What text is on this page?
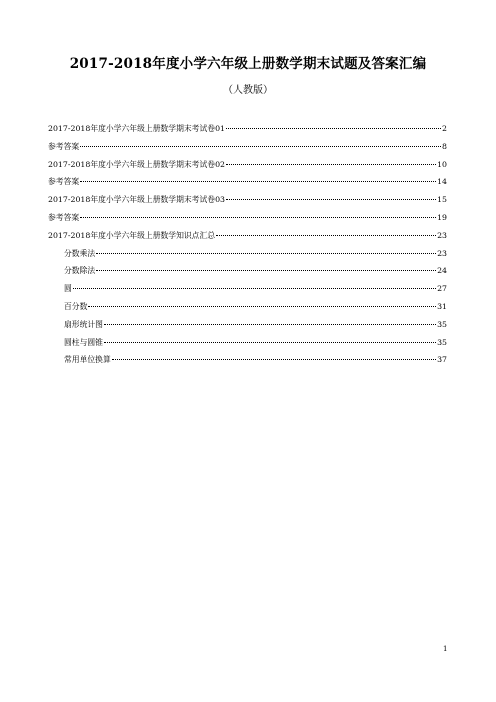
2017-2018年度小学六年级上册数学期末试题及答案汇编
（人教版）
2017-2018年度小学六年级上册数学期末考试卷01	2
参考答案	8
2017-2018年度小学六年级上册数学期末考试卷02	10
参考答案	14
2017-2018年度小学六年级上册数学期末考试卷03	15
参考答案	19
2017-2018年度小学六年级上册数学知识点汇总	23
分数乘法	23
分数除法	24
圆	27
百分数	31
扇形统计图	35
圆柱与圆锥	35
常用单位换算	37
1
